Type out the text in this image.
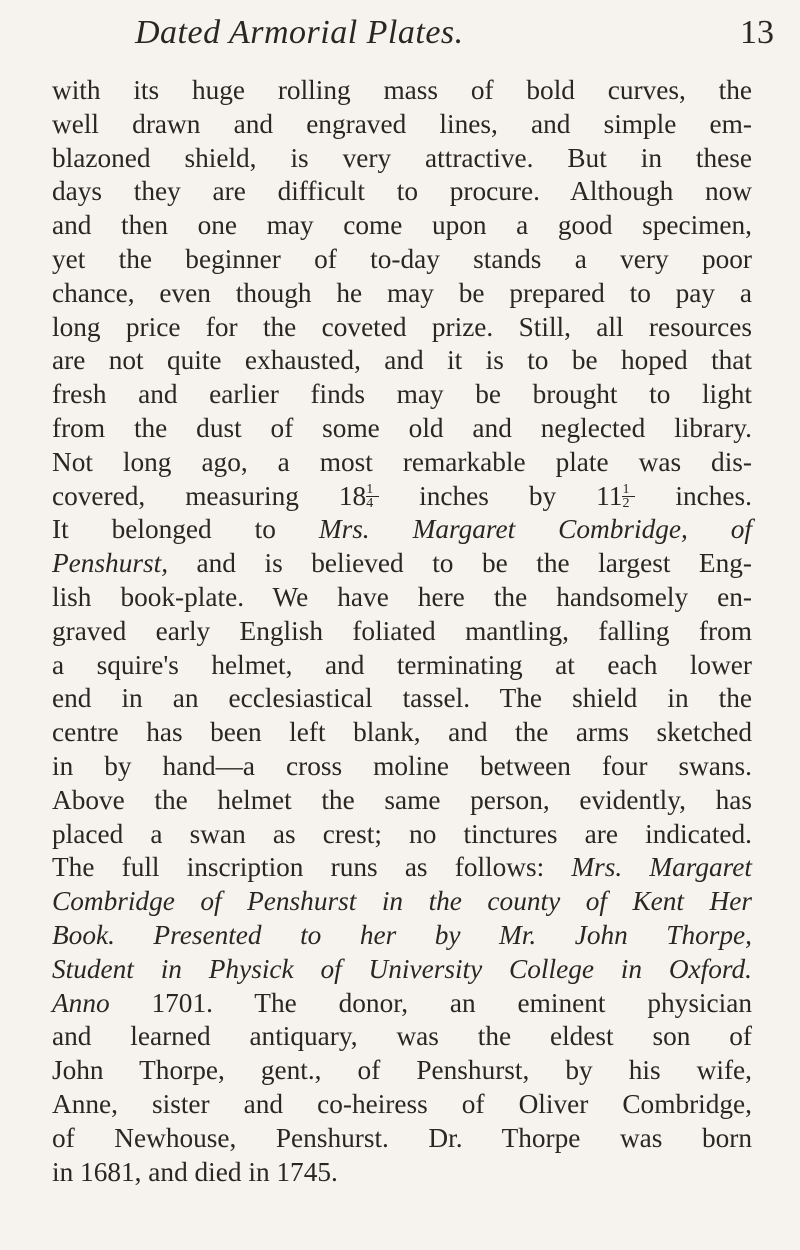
Dated Armorial Plates.	13
with its huge rolling mass of bold curves, the
well drawn and engraved lines, and simple em-
blazoned shield, is very attractive. But in these
days they are difficult to procure. Although now
and then one may come upon a good specimen,
yet the beginner of to-day stands a very poor
chance, even though he may be prepared to pay a
long price for the coveted prize. Still, all resources
are not quite exhausted, and it is to be hoped that
fresh and earlier finds may be brought to light
from the dust of some old and neglected library.
Not long ago, a most remarkable plate was dis-
covered, measuring $18 \frac{1}{4}$ inches by $11 \frac{1}{2}$ inches.
It belonged to Mrs. Margaret Combridge, of
Penshurst, and is believed to be the largest Eng-
lish book-plate. We have here the handsomely en-
graved early English foliated mantling, falling from
a squire's helmet, and terminating at each lower
end in an ecclesiastical tassel. The shield in the
centre has been left blank, and the arms sketched
in by hand—a cross moline between four swans.
Above the helmet the same person, evidently, has
placed a swan as crest; no tinctures are indicated.
The full inscription runs as follows: Mrs. Margaret
Combridge of Penshurst in the county of Kent Her
Book. Presented to her by Mr. John Thorpe,
Student in Physick of University College in Oxford.
Anno 1701. The donor, an eminent physician
and learned antiquary, was the eldest son of
John Thorpe, gent., of Penshurst, by his wife,
Anne, sister and co-heiress of Oliver Combridge,
of Newhouse, Penshurst. Dr. Thorpe was born
in 1681, and died in 1745.
